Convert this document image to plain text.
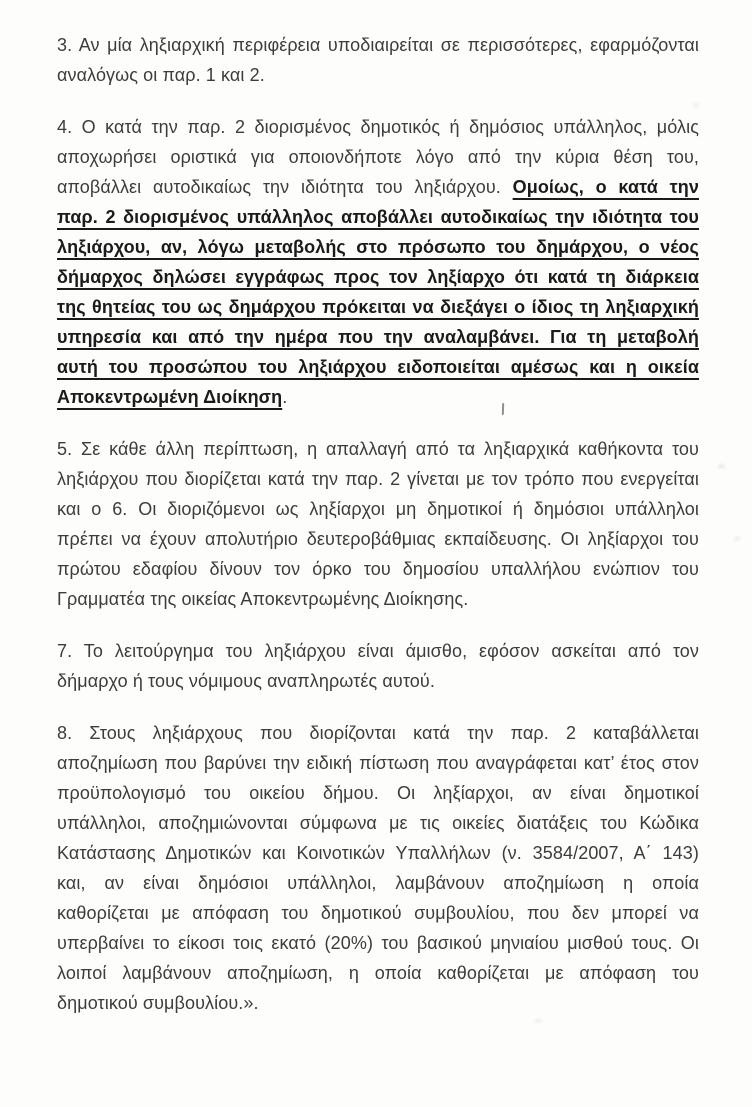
3. Αν μία ληξιαρχική περιφέρεια υποδιαιρείται σε περισσότερες, εφαρμόζονται
αναλόγως οι παρ. 1 και 2.

4. Ο κατά την παρ. 2 διορισμένος δημοτικός ή δημόσιος υπάλληλος, μόλις
αποχωρήσει οριστικά για οποιονδήποτε λόγο από την κύρια θέση του,
αποβάλλει αυτοδικαίως την ιδιότητα του ληξιάρχου. Ομοίως, ο κατά την
παρ. 2 διορισμένος υπάλληλος αποβάλλει αυτοδικαίως την ιδιότητα του
ληξιάρχου, αν, λόγω μεταβολής στο πρόσωπο του δημάρχου, ο νέος
δήμαρχος δηλώσει εγγράφως προς τον ληξίαρχο ότι κατά τη διάρκεια
της θητείας του ως δημάρχου πρόκειται να διεξάγει ο ίδιος τη ληξιαρχική
υπηρεσία και από την ημέρα που την αναλαμβάνει. Για τη μεταβολή
αυτή του προσώπου του ληξιάρχου ειδοποιείται αμέσως και η οικεία
Αποκεντρωμένη Διοίκηση.

5. Σε κάθε άλλη περίπτωση, η απαλλαγή από τα ληξιαρχικά καθήκοντα του
ληξιάρχου που διορίζεται κατά την παρ. 2 γίνεται με τον τρόπο που ενεργείται
και ο 6. Οι διοριζόμενοι ως ληξίαρχοι μη δημοτικοί ή δημόσιοι υπάλληλοι
πρέπει να έχουν απολυτήριο δευτεροβάθμιας εκπαίδευσης. Οι ληξίαρχοι του
πρώτου εδαφίου δίνουν τον όρκο του δημοσίου υπαλλήλου ενώπιον του
Γραμματέα της οικείας Αποκεντρωμένης Διοίκησης.

7. Το λειτούργημα του ληξιάρχου είναι άμισθο, εφόσον ασκείται από τον
δήμαρχο ή τους νόμιμους αναπληρωτές αυτού.

8. Στους ληξιάρχους που διορίζονται κατά την παρ. 2 καταβάλλεται
αποζημίωση που βαρύνει την ειδική πίστωση που αναγράφεται κατ’ έτος στον
προϋπολογισμό του οικείου δήμου. Οι ληξίαρχοι, αν είναι δημοτικοί
υπάλληλοι, αποζημιώνονται σύμφωνα με τις οικείες διατάξεις του Κώδικα
Κατάστασης Δημοτικών και Κοινοτικών Υπαλλήλων (ν. 3584/2007, Α΄ 143)
και, αν είναι δημόσιοι υπάλληλοι, λαμβάνουν αποζημίωση η οποία
καθορίζεται με απόφαση του δημοτικού συμβουλίου, που δεν μπορεί να
υπερβαίνει το είκοσι τοις εκατό (20%) του βασικού μηνιαίου μισθού τους. Οι
λοιποί λαμβάνουν αποζημίωση, η οποία καθορίζεται με απόφαση του
δημοτικού συμβουλίου.».
